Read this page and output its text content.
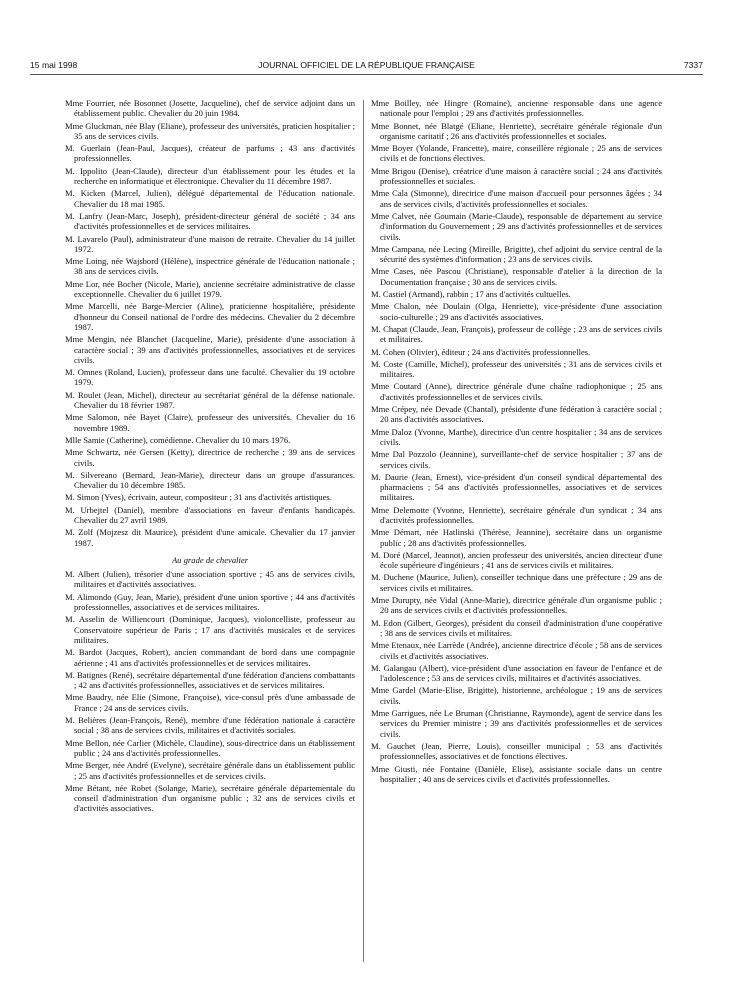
15 mai 1998	JOURNAL OFFICIEL DE LA RÉPUBLIQUE FRANÇAISE	7337

Mme Fourrier, née Bosonnet (Josette, Jacqueline), chef de service adjoint dans un établissement public. Chevalier du 20 juin 1984.

Mme Gluckman, née Blay (Eliane), professeur des universités, praticien hospitalier ; 35 ans de services civils.

M. Guerlain (Jean-Paul, Jacques), créateur de parfums ; 43 ans d'activités professionnelles.

M. Ippolito (Jean-Claude), directeur d'un établissement pour les études et la recherche en informatique et électronique. Chevalier du 11 décembre 1987.

M. Kicken (Marcel, Julien), délégué départemental de l'éducation nationale. Chevalier du 18 mai 1985.

M. Lanfry (Jean-Marc, Joseph), président-directeur général de société ; 34 ans d'activités professionnelles et de services militaires.

M. Lavarelo (Paul), administrateur d'une maison de retraite. Chevalier du 14 juillet 1972.

Mme Loing, née Wajsbord (Hélène), inspectrice générale de l'éducation nationale ; 38 ans de services civils.

Mme Lor, née Bocher (Nicole, Marie), ancienne secrétaire administrative de classe exceptionnelle. Chevalier du 6 juillet 1979.

Mme Marcelli, née Barge-Mercier (Aline), praticienne hospitalière, présidente d'honneur du Conseil national de l'ordre des médecins. Chevalier du 2 décembre 1987.

Mme Mengin, née Blanchet (Jacqueline, Marie), présidente d'une association à caractère social ; 39 ans d'activités professionnelles, associatives et de services civils.

M. Omnes (Roland, Lucien), professeur dans une faculté. Chevalier du 19 octobre 1979.

M. Roulet (Jean, Michel), directeur au secrétariat général de la défense nationale. Chevalier du 18 février 1987.

Mme Salomon, née Bayet (Claire), professeur des universités. Chevalier du 16 novembre 1989.

Mlle Samie (Catherine), comédienne. Chevalier du 10 mars 1976.

Mme Schwartz, née Gersen (Ketty), directrice de recherche ; 39 ans de services civils.

M. Silvereano (Bernard, Jean-Marie), directeur dans un groupe d'assurances. Chevalier du 10 décembre 1985.

M. Simon (Yves), écrivain, auteur, compositeur ; 31 ans d'activités artistiques.

M. Urbejtel (Daniel), membre d'associations en faveur d'enfants handicapés. Chevalier du 27 avril 1989.

M. Zolf (Mojzesz dit Maurice), président d'une amicale. Chevalier du 17 janvier 1987.

Au grade de chevalier

M. Albert (Julien), trésorier d'une association sportive ; 45 ans de services civils, militaires et d'activités associatives.

M. Alimondo (Guy, Jean, Marie), président d'une union sportive ; 44 ans d'activités professionnelles, associatives et de services militaires.

M. Asselin de Williencourt (Dominique, Jacques), violoncelliste, professeur au Conservatoire supérieur de Paris ; 17 ans d'activités musicales et de services militaires.

M. Bardot (Jacques, Robert), ancien commandant de bord dans une compagnie aérienne ; 41 ans d'activités professionnelles et de services militaires.

M. Batignes (René), secrétaire départemental d'une fédération d'anciens combattants ; 42 ans d'activités professionnelles, associatives et de services militaires.

Mme Baudry, née Elie (Simone, Françoise), vice-consul près d'une ambassade de France ; 24 ans de services civils.

M. Belières (Jean-François, René), membre d'une fédération nationale à caractère social ; 38 ans de services civils, militaires et d'activités sociales.

Mme Bellon, née Carlier (Michèle, Claudine), sous-directrice dans un établissement public ; 24 ans d'activités professionnelles.

Mme Berger, née André (Evelyne), secrétaire générale dans un établissement public ; 25 ans d'activités professionnelles et de services civils.

Mme Bétant, née Robet (Solange, Marie), secrétaire générale départementale du conseil d'administration d'un organisme public ; 32 ans de services civils et d'activités associatives.

Mme Boilley, née Hingre (Romaine), ancienne responsable dans une agence nationale pour l'emploi ; 29 ans d'activités professionnelles.

Mme Bonnet, née Blatgé (Eliane, Henriette), secrétaire générale régionale d'un organisme caritatif ; 26 ans d'activités professionnelles et sociales.

Mme Boyer (Yolande, Francette), maire, conseillère régionale ; 25 ans de services civils et de fonctions électives.

Mme Brigou (Denise), créatrice d'une maison à caractère social ; 24 ans d'activités professionnelles et sociales.

Mme Cala (Simonne), directrice d'une maison d'accueil pour personnes âgées ; 34 ans de services civils, d'activités professionnelles et sociales.

Mme Calvet, née Goumain (Marie-Claude), responsable de département au service d'information du Gouvernement ; 29 ans d'activités professionnelles et de services civils.

Mme Campana, née Lecing (Mireille, Brigitte), chef adjoint du service central de la sécurité des systèmes d'information ; 23 ans de services civils.

Mme Cases, née Pascou (Christiane), responsable d'atelier à la direction de la Documentation française ; 30 ans de services civils.

M. Castiel (Armand), rabbin ; 17 ans d'activités cultuelles.

Mme Chalon, née Doulain (Olga, Henriette), vice-présidente d'une association socio-culturelle ; 29 ans d'activités associatives.

M. Chapat (Claude, Jean, François), professeur de collège ; 23 ans de services civils et militaires.

M. Cohen (Olivier), éditeur ; 24 ans d'activités professionnelles.

M. Coste (Camille, Michel), professeur des universités ; 31 ans de services civils et militaires.

Mme Coutard (Anne), directrice générale d'une chaîne radiophonique ; 25 ans d'activités professionnelles et de services civils.

Mme Crépey, née Devade (Chantal), présidente d'une fédération à caractère social ; 20 ans d'activités associatives.

Mme Daloz (Yvonne, Marthe), directrice d'un centre hospitalier ; 34 ans de services civils.

Mme Dal Pozzolo (Jeannine), surveillante-chef de service hospitalier ; 37 ans de services civils.

M. Daurie (Jean, Ernest), vice-président d'un conseil syndical départemental des pharmaciens ; 54 ans d'activités professionnelles, associatives et de services militaires.

Mme Delemotte (Yvonne, Henriette), secrétaire générale d'un syndicat ; 34 ans d'activités professionnelles.

Mme Démart, née Hatlinski (Thérèse, Jeannine), secrétaire dans un organisme public ; 28 ans d'activités professionnelles.

M. Doré (Marcel, Jeannot), ancien professeur des universités, ancien directeur d'une école supérieure d'ingénieurs ; 41 ans de services civils et militaires.

M. Duchene (Maurice, Julien), conseiller technique dans une préfecture ; 29 ans de services civils et militaires.

Mme Durupty, née Vidal (Anne-Marie), directrice générale d'un organisme public ; 20 ans de services civils et d'activités professionnelles.

M. Edon (Gilbert, Georges), président du conseil d'administration d'une coopérative ; 38 ans de services civils et militaires.

Mme Etenaux, née Larrède (Andrée), ancienne directrice d'école ; 58 ans de services civils et d'activités associatives.

M. Galangau (Albert), vice-président d'une association en faveur de l'enfance et de l'adolescence ; 53 ans de services civils, militaires et d'activités associatives.

Mme Gardel (Marie-Elise, Brigitte), historienne, archéologue ; 19 ans de services civils.

Mme Garrigues, née Le Bruman (Christianne, Raymonde), agent de service dans les services du Premier ministre ; 39 ans d'activités professionnelles et de services civils.

M. Gauchet (Jean, Pierre, Louis), conseiller municipal ; 53 ans d'activités professionnelles, associatives et de fonctions électives.

Mme Giusti, née Fontaine (Danièle, Elise), assistante sociale dans un centre hospitalier ; 40 ans de services civils et d'activités professionnelles.
